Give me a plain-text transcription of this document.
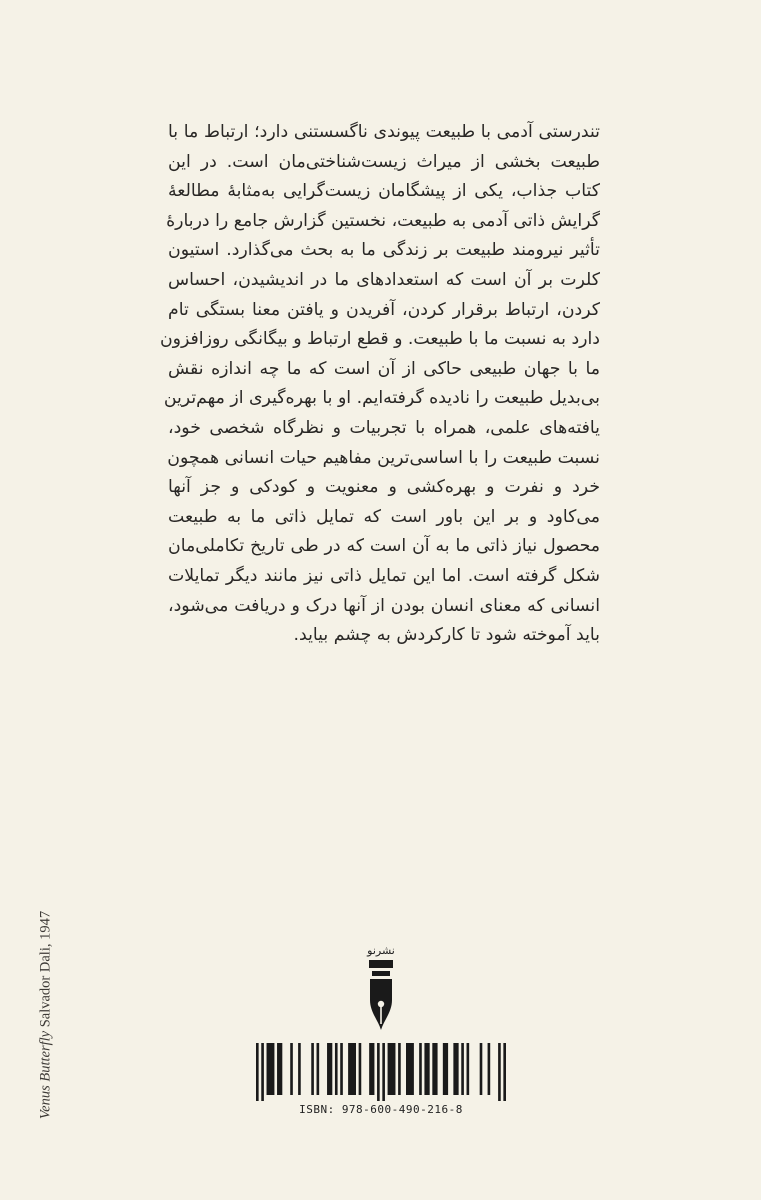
تندرستی آدمی با طبیعت پیوندی ناگسستنی دارد؛ ارتباط ما با
طبیعت بخشی از میراث زیست‌شناختی‌مان است. در این
کتاب جذاب، یکی از پیشگامان زیست‌گرایی به‌مثابهٔ مطالعهٔ
گرایش ذاتی آدمی به طبیعت، نخستین گزارش جامع را دربارهٔ
تأثیر نیرومند طبیعت بر زندگی ما به بحث می‌گذارد. استیون
کلرت بر آن است که استعدادهای ما در اندیشیدن، احساس
کردن، ارتباط برقرار کردن، آفریدن و یافتن معنا بستگی تام
دارد به نسبت ما با طبیعت. و قطع ارتباط و بیگانگی روزافزون
ما با جهان طبیعی حاکی از آن است که ما چه اندازه نقش
بی‌بدیل طبیعت را نادیده گرفته‌ایم. او با بهره‌گیری از مهم‌ترین
یافته‌های علمی، همراه با تجربیات و نظرگاه شخصی خود،
نسبت طبیعت را با اساسی‌ترین مفاهیم حیات انسانی همچون
خرد و نفرت و بهره‌کشی و معنویت و کودکی و جز آنها
می‌کاود و بر این باور است که تمایل ذاتی ما به طبیعت
محصول نیاز ذاتی ما به آن است که در طی تاریخ تکاملی‌مان
شکل گرفته است. اما این تمایل ذاتی نیز مانند دیگر تمایلات
انسانی که معنای انسان بودن از آنها درک و دریافت می‌شود،
باید آموخته شود تا کارکردش به چشم بیاید.
Venus Butterfly Salvador Dali, 1947	نشرنو
ISBN: 978-600-490-216-8
